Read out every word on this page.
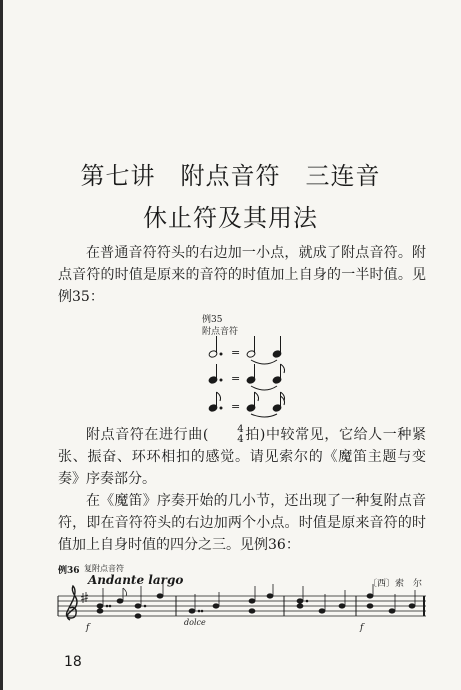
第七讲　附点音符　三连音
休止符及其用法
在普通音符符头的右边加一小点，就成了附点音符。附点音符的时值是原来的音符的时值加上自身的一半时值。见例35：
例35
附点音符
=
=
=
附点音符在进行曲(	4
4 拍)中较常见，它给人一种紧张、振奋、环环相扣的感觉。请见索尔的《魔笛主题与变奏》序奏部分。
在《魔笛》序奏开始的几小节，还出现了一种复附点音符，即在音符符头的右边加两个小点。时值是原来音符的时值加上自身时值的四分之三。见例36：
例36 复附点音符
Andante largo	〔西〕索　尔
f	f
dolce
18
